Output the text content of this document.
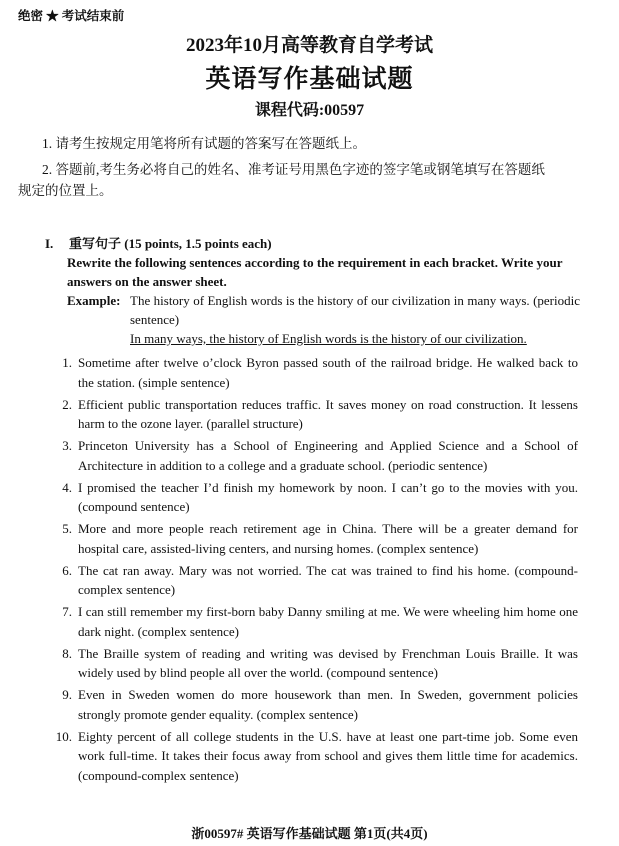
绝密 ★ 考试结束前
2023年10月高等教育自学考试
英语写作基础试题
课程代码:00597
1. 请考生按规定用笔将所有试题的答案写在答题纸上。
2. 答题前,考生务必将自己的姓名、准考证号用黑色字迹的签字笔或钢笔填写在答题纸
规定的位置上。
I. 重写句子 (15 points, 1.5 points each)
Rewrite the following sentences according to the requirement in each bracket. Write your answers on the answer sheet.
Example: The history of English words is the history of our civilization in many ways. (periodic sentence)
In many ways, the history of English words is the history of our civilization.
1. Sometime after twelve o’clock Byron passed south of the railroad bridge. He walked back to the station. (simple sentence)
2. Efficient public transportation reduces traffic. It saves money on road construction. It lessens harm to the ozone layer. (parallel structure)
3. Princeton University has a School of Engineering and Applied Science and a School of Architecture in addition to a college and a graduate school. (periodic sentence)
4. I promised the teacher I’d finish my homework by noon. I can’t go to the movies with you. (compound sentence)
5. More and more people reach retirement age in China. There will be a greater demand for hospital care, assisted-living centers, and nursing homes. (complex sentence)
6. The cat ran away. Mary was not worried. The cat was trained to find his home. (compound-complex sentence)
7. I can still remember my first-born baby Danny smiling at me. We were wheeling him home one dark night. (complex sentence)
8. The Braille system of reading and writing was devised by Frenchman Louis Braille. It was widely used by blind people all over the world. (compound sentence)
9. Even in Sweden women do more housework than men. In Sweden, government policies strongly promote gender equality. (complex sentence)
10. Eighty percent of all college students in the U.S. have at least one part-time job. Some even work full-time. It takes their focus away from school and gives them little time for academics. (compound-complex sentence)
浙00597# 英语写作基础试题 第1页(共4页)
